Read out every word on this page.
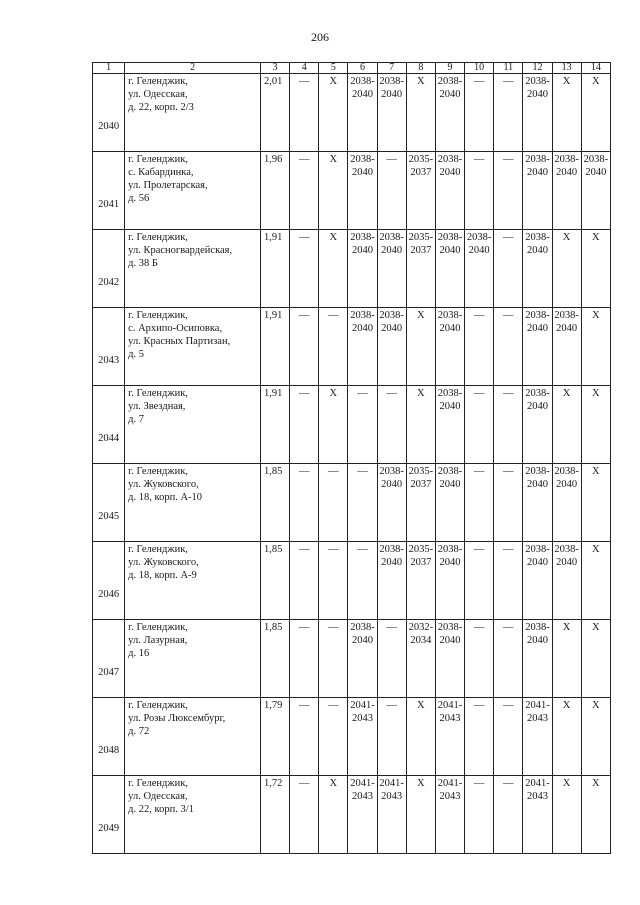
206
1	2	3	4	5	6	7	8	9	10	11	12	13	14
2040	г. Геленджик,
ул. Одесская,
д. 22, корп. 2/3	2,01	—	Х	2038-
2040	2038-
2040	Х	2038-
2040	—	—	2038-
2040	Х	Х
2041	г. Геленджик,
с. Кабардинка,
ул. Пролетарская,
д. 56	1,96	—	Х	2038-
2040	—	2035-
2037	2038-
2040	—	—	2038-
2040	2038-
2040	2038-
2040
2042	г. Геленджик,
ул. Красногвардейская,
д. 38 Б	1,91	—	Х	2038-
2040	2038-
2040	2035-
2037	2038-
2040	2038-
2040	—	2038-
2040	Х	Х
2043	г. Геленджик,
с. Архипо-Осиповка,
ул. Красных Партизан,
д. 5	1,91	—	—	2038-
2040	2038-
2040	Х	2038-
2040	—	—	2038-
2040	2038-
2040	Х
2044	г. Геленджик,
ул. Звездная,
д. 7	1,91	—	Х	—	—	Х	2038-
2040	—	—	2038-
2040	Х	Х
2045	г. Геленджик,
ул. Жуковского,
д. 18, корп. А-10	1,85	—	—	—	2038-
2040	2035-
2037	2038-
2040	—	—	2038-
2040	2038-
2040	Х
2046	г. Геленджик,
ул. Жуковского,
д. 18, корп. А-9	1,85	—	—	—	2038-
2040	2035-
2037	2038-
2040	—	—	2038-
2040	2038-
2040	Х
2047	г. Геленджик,
ул. Лазурная,
д. 16	1,85	—	—	2038-
2040	—	2032-
2034	2038-
2040	—	—	2038-
2040	Х	Х
2048	г. Геленджик,
ул. Розы Люксембург,
д. 72	1,79	—	—	2041-
2043	—	Х	2041-
2043	—	—	2041-
2043	Х	Х
2049	г. Геленджик,
ул. Одесская,
д. 22, корп. 3/1	1,72	—	Х	2041-
2043	2041-
2043	Х	2041-
2043	—	—	2041-
2043	Х	Х
